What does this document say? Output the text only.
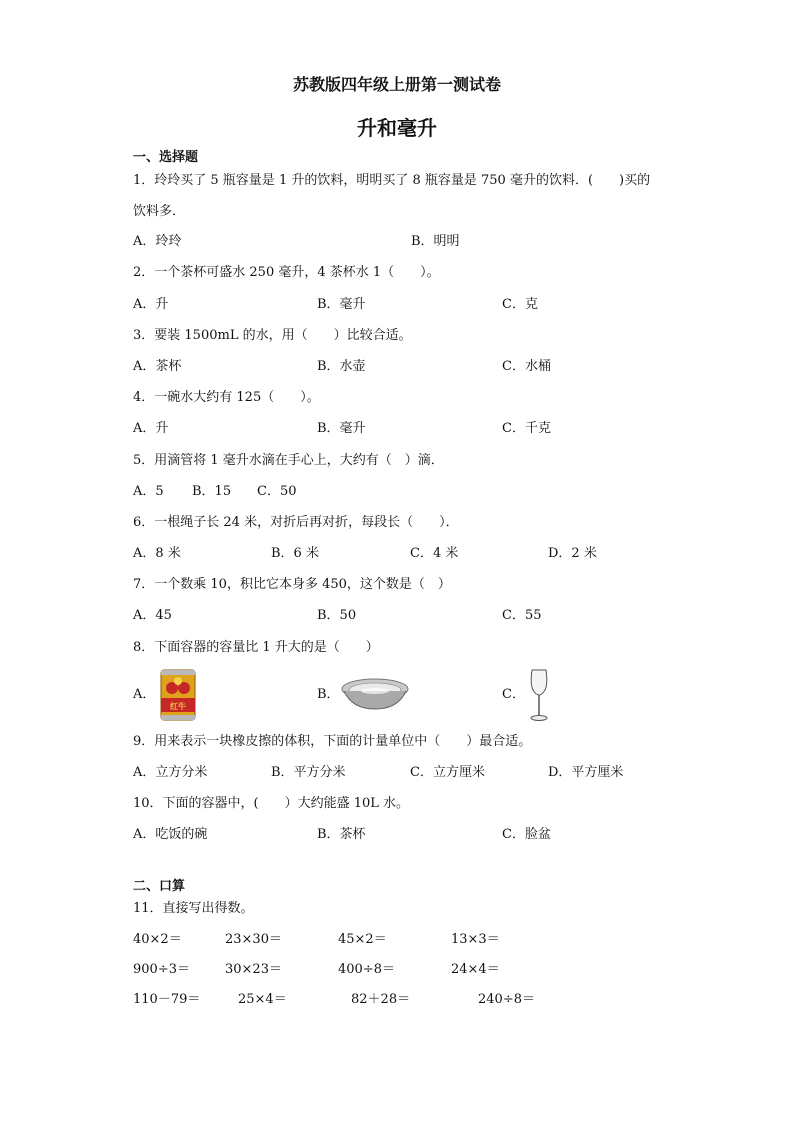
苏教版四年级上册第一测试卷
升和毫升
一、选择题
1．玲玲买了 5 瓶容量是 1 升的饮料，明明买了 8 瓶容量是 750 毫升的饮料．(　　)买的
饮料多．
A．玲玲	B．明明
2．一个茶杯可盛水 250 毫升，4 茶杯水 1（　　）。
A．升	B．毫升	C．克
3．要装 1500mL 的水，用（　　）比较合适。
A．茶杯	B．水壶	C．水桶
4．一碗水大约有 125（　　）。
A．升	B．毫升	C．千克
5．用滴管将 1 毫升水滴在手心上，大约有（　）滴．
A．5 B．15 C．50
6．一根绳子长 24 米，对折后再对折，每段长（　　）．
A．8 米	B．6 米	C．4 米	D．2 米
7．一个数乘 10，积比它本身多 450，这个数是（　）
A．45	B．50	C．55
8．下面容器的容量比 1 升大的是（　　）
A．	B．	C．
红牛
9．用来表示一块橡皮擦的体积，下面的计量单位中（　　）最合适。
A．立方分米	B．平方分米	C．立方厘米	D．平方厘米
10．下面的容器中，(　　）大约能盛 10L 水。
A．吃饭的碗	B．茶杯	C．脸盆
二、口算
11．直接写出得数。
40×2＝	23×30＝	45×2＝	13×3＝
900÷3＝	30×23＝	400÷8＝	24×4＝
110－79＝	25×4＝	82＋28＝	240÷8＝
